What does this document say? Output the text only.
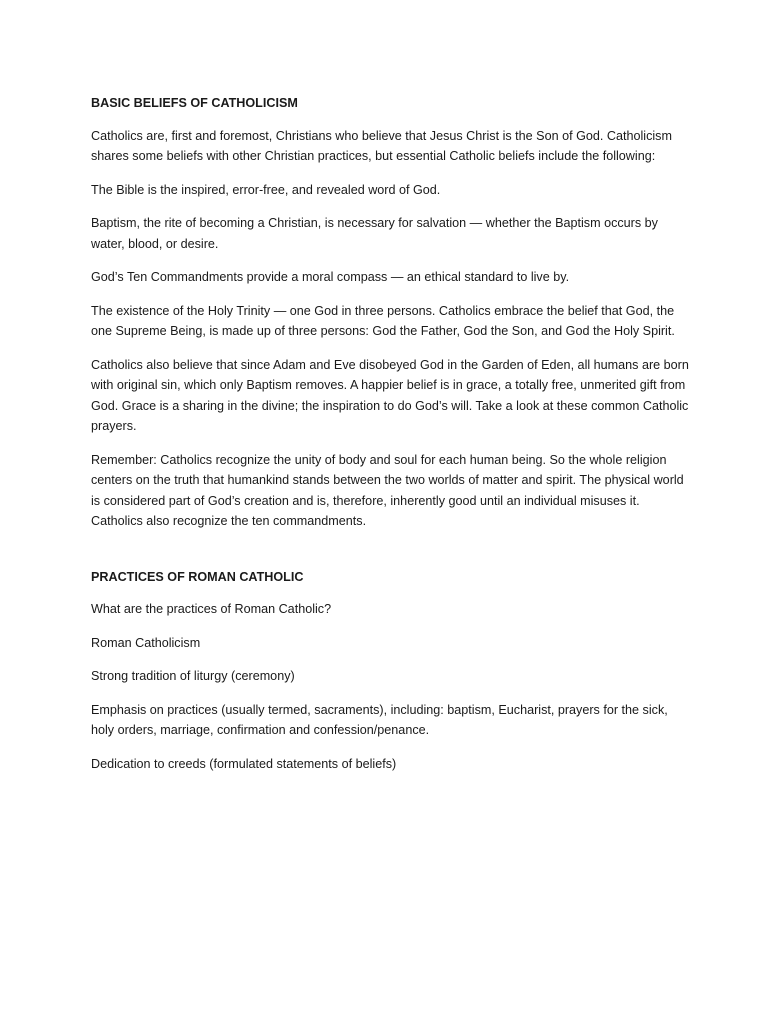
BASIC BELIEFS OF CATHOLICISM
Catholics are, first and foremost, Christians who believe that Jesus Christ is the Son of God. Catholicism shares some beliefs with other Christian practices, but essential Catholic beliefs include the following:
The Bible is the inspired, error-free, and revealed word of God.
Baptism, the rite of becoming a Christian, is necessary for salvation — whether the Baptism occurs by water, blood, or desire.
God’s Ten Commandments provide a moral compass — an ethical standard to live by.
The existence of the Holy Trinity — one God in three persons. Catholics embrace the belief that God, the one Supreme Being, is made up of three persons: God the Father, God the Son, and God the Holy Spirit.
Catholics also believe that since Adam and Eve disobeyed God in the Garden of Eden, all humans are born with original sin, which only Baptism removes. A happier belief is in grace, a totally free, unmerited gift from God. Grace is a sharing in the divine; the inspiration to do God’s will. Take a look at these common Catholic prayers.
Remember: Catholics recognize the unity of body and soul for each human being. So the whole religion centers on the truth that humankind stands between the two worlds of matter and spirit. The physical world is considered part of God’s creation and is, therefore, inherently good until an individual misuses it. Catholics also recognize the ten commandments.
PRACTICES OF ROMAN CATHOLIC
What are the practices of Roman Catholic?
Roman Catholicism
Strong tradition of liturgy (ceremony)
Emphasis on practices (usually termed, sacraments), including: baptism, Eucharist, prayers for the sick, holy orders, marriage, confirmation and confession/penance.
Dedication to creeds (formulated statements of beliefs)
